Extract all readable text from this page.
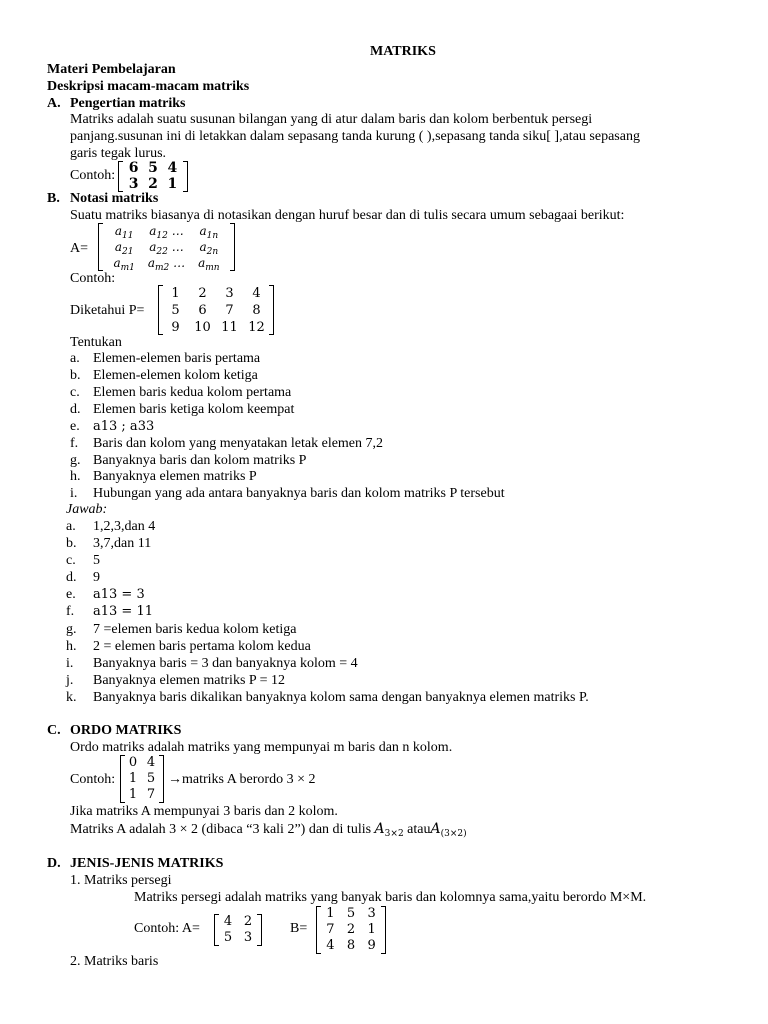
MATRIKS
Materi Pembelajaran
Deskripsi macam-macam matriks
A. Pengertian matriks
Matriks adalah suatu susunan bilangan yang di atur dalam baris dan kolom berbentuk persegi
panjang.susunan ini di letakkan dalam sepasang tanda kurung ( ),sepasang tanda siku[ ],atau sepasang
garis tegak lurus.
Contoh: 6 5 4
3 2 1
B. Notasi matriks
Suatu matriks biasanya di notasikan dengan huruf besar dan di tulis secara umum sebagaai berikut:
A=
$a_{11}$	$a_{12}$ …	$a_{1n}$
$a_{21}$	$a_{22}$ …	$a_{2n}$
$a_{m1}$	$a_{m2}$ …	$a_{mn}$
Contoh:
Diketahui P=
1	2	3	4
5	6	7	8
9	10 11 12
Tentukan
a. Elemen-elemen baris pertama
b. Elemen-elemen kolom ketiga
c. Elemen baris kedua kolom pertama
d. Elemen baris ketiga kolom keempat
e. a13 ; a33
f. Baris dan kolom yang menyatakan letak elemen 7,2
g. Banyaknya baris dan kolom matriks P
h. Banyaknya elemen matriks P
i. Hubungan yang ada antara banyaknya baris dan kolom matriks P tersebut
Jawab:
a. 1,2,3,dan 4
b. 3,7,dan 11
c. 5
d. 9
e. a13 = 3
f. a13 = 11
g. 7 =elemen baris kedua kolom ketiga
h. 2 = elemen baris pertama kolom kedua
i. Banyaknya baris = 3 dan banyaknya kolom = 4
j. Banyaknya elemen matriks P = 12
k. Banyaknya baris dikalikan banyaknya kolom sama dengan banyaknya elemen matriks P.
C. ORDO MATRIKS
Ordo matriks adalah matriks yang mempunyai m baris dan n kolom.
Contoh:
0 4
1 5
1 7
→matriks A berordo 3 × 2
Jika matriks A mempunyai 3 baris dan 2 kolom.
Matriks A adalah 3 × 2 (dibaca “3 kali 2”) dan di tulis $A_{3\times 2}$ atauA$_{(3\times 2)}$
D. JENIS-JENIS MATRIKS
1. Matriks persegi
Matriks persegi adalah matriks yang banyak baris dan kolomnya sama,yaitu berordo M×M.
Contoh: A=	4 2
5 3
B=
1 5 3
7 2 1
4 8 9
2. Matriks baris
